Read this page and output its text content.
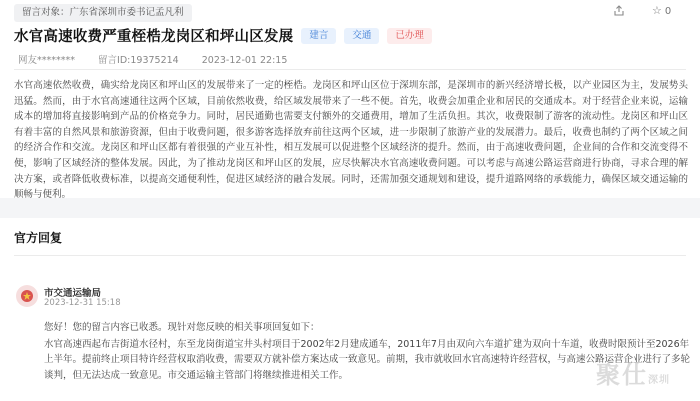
留言对象：广东省深圳市委书记孟凡利	☆ 0
水官高速收费严重桎梏龙岗区和坪山区发展	建言	交通	已办理
网友******** 留言ID:19375214 2023-12-01 22:15
水官高速依然收费，确实给龙岗区和坪山区的发展带来了一定的桎梏。龙岗区和坪山区位于深圳东部，是深圳市的新兴经济增长极，以产业园区为主，发展势头迅猛。然而，由于水官高速通往这两个区域，目前依然收费，给区域发展带来了一些不便。首先，收费会加重企业和居民的交通成本。对于经营企业来说，运输成本的增加将直接影响到产品的价格竞争力。同时，居民通勤也需要支付额外的交通费用，增加了生活负担。其次，收费限制了游客的流动性。龙岗区和坪山区有着丰富的自然风景和旅游资源，但由于收费问题，很多游客选择放弃前往这两个区域，进一步限制了旅游产业的发展潜力。最后，收费也制约了两个区域之间的经济合作和交流。龙岗区和坪山区都有着很强的产业互补性，相互发展可以促进整个区域经济的提升。然而，由于高速收费问题，企业间的合作和交流变得不便，影响了区域经济的整体发展。因此，为了推动龙岗区和坪山区的发展，应尽快解决水官高速收费问题。可以考虑与高速公路运营商进行协商，寻求合理的解决方案，或者降低收费标准，以提高交通便利性，促进区域经济的融合发展。同时，还需加强交通规划和建设，提升道路网络的承载能力，确保区域交通运输的顺畅与便利。
官方回复
市交通运输局
2023-12-31 15:18

您好！您的留言内容已收悉。现针对您反映的相关事项回复如下：

水官高速西起布吉街道水径村，东至龙岗街道宝井头村项目于2002年2月建成通车，2011年7月由双向六车道扩建为双向十车道，收费时限预计至2026年上半年。提前终止项目特许经营权取消收费，需要双方就补偿方案达成一致意见。前期，我市就收回水官高速特许经营权，与高速公路运营企业进行了多轮谈判，但无法达成一致意见。市交通运输主管部门将继续推进相关工作。	聚仕深圳
